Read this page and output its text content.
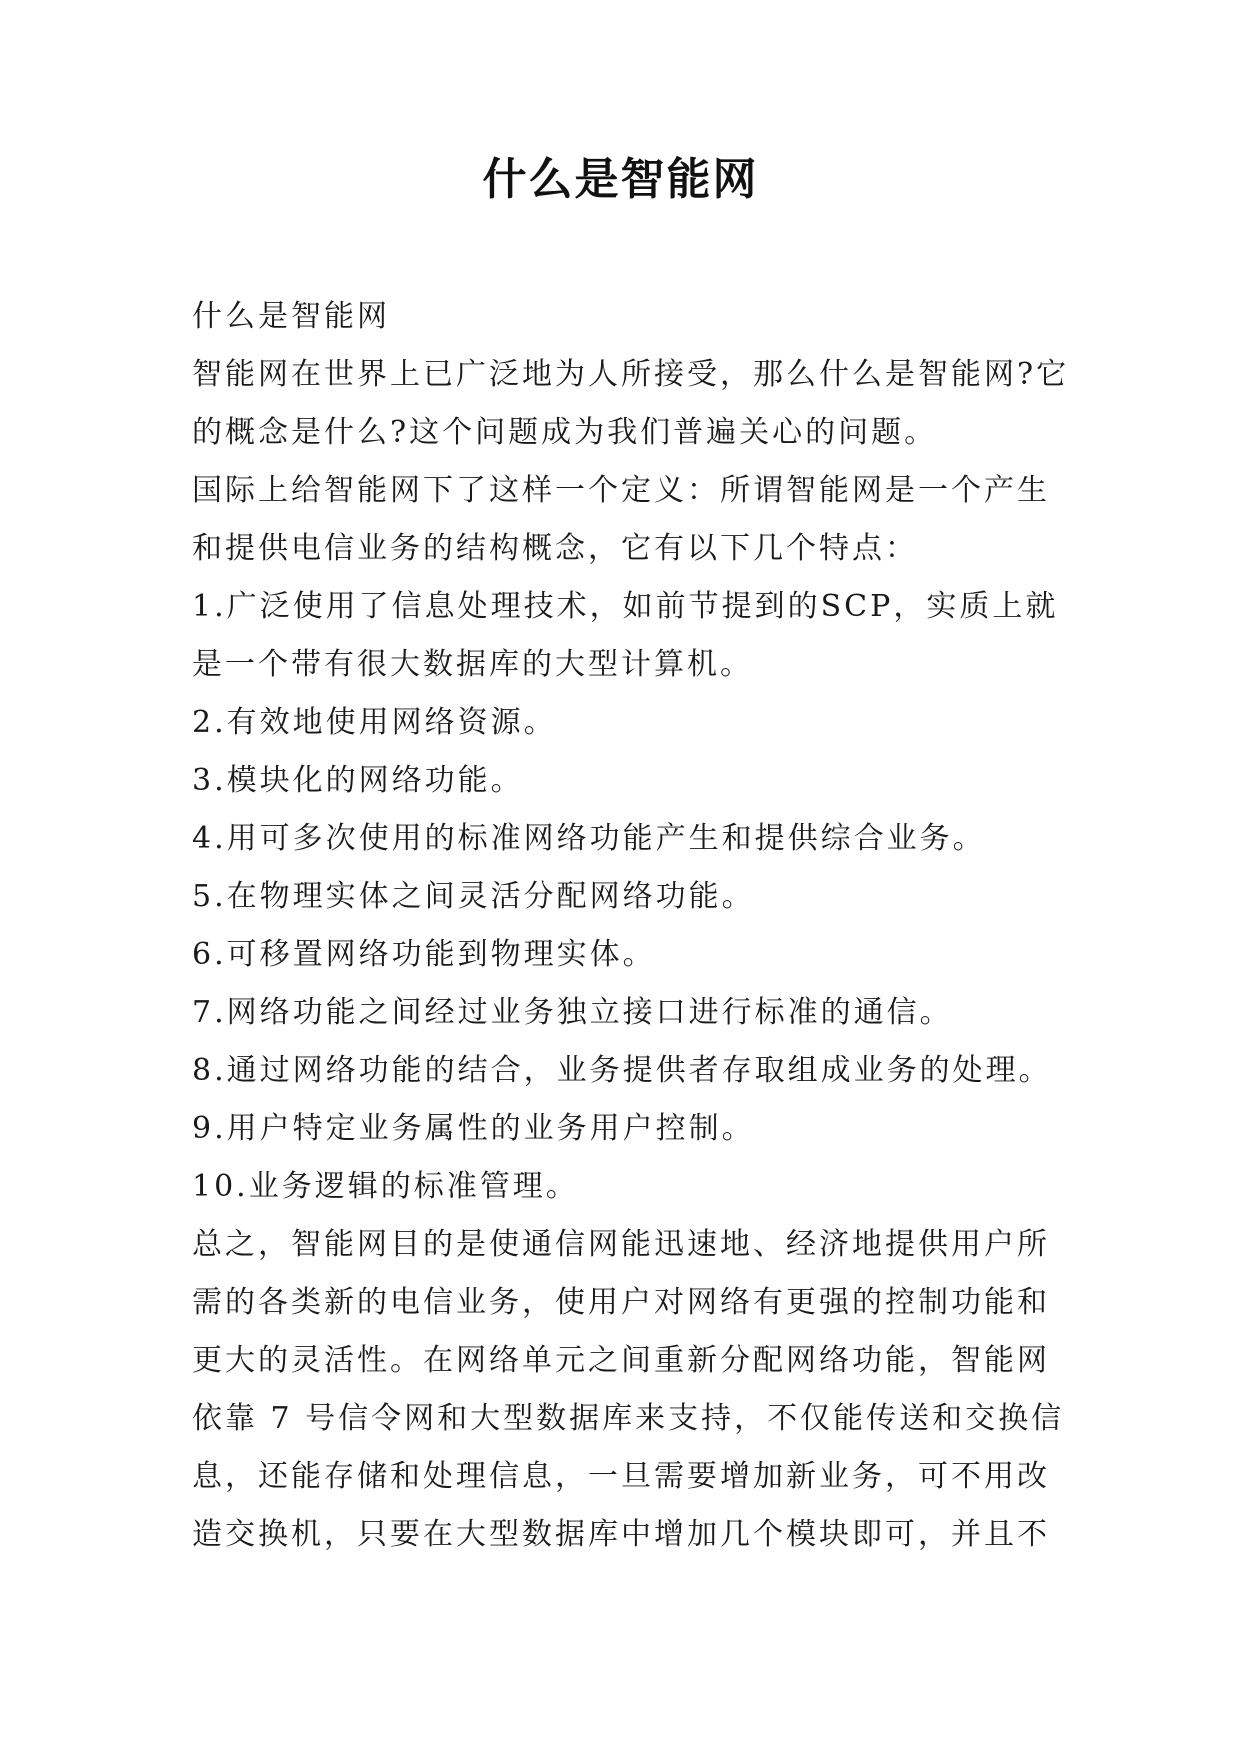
什么是智能网

什么是智能网

智能网在世界上已广泛地为人所接受，那么什么是智能网?它的概念是什么?这个问题成为我们普遍关心的问题。

国际上给智能网下了这样一个定义：所谓智能网是一个产生和提供电信业务的结构概念，它有以下几个特点：

1.广泛使用了信息处理技术，如前节提到的SCP，实质上就是一个带有很大数据库的大型计算机。

2.有效地使用网络资源。

3.模块化的网络功能。

4.用可多次使用的标准网络功能产生和提供综合业务。

5.在物理实体之间灵活分配网络功能。

6.可移置网络功能到物理实体。

7.网络功能之间经过业务独立接口进行标准的通信。

8.通过网络功能的结合，业务提供者存取组成业务的处理。

9.用户特定业务属性的业务用户控制。

10.业务逻辑的标准管理。

总之，智能网目的是使通信网能迅速地、经济地提供用户所需的各类新的电信业务，使用户对网络有更强的控制功能和更大的灵活性。在网络单元之间重新分配网络功能，智能网依靠 7 号信令网和大型数据库来支持，不仅能传送和交换信息，还能存储和处理信息，一旦需要增加新业务，可不用改造交换机，只要在大型数据库中增加几个模块即可，并且不
